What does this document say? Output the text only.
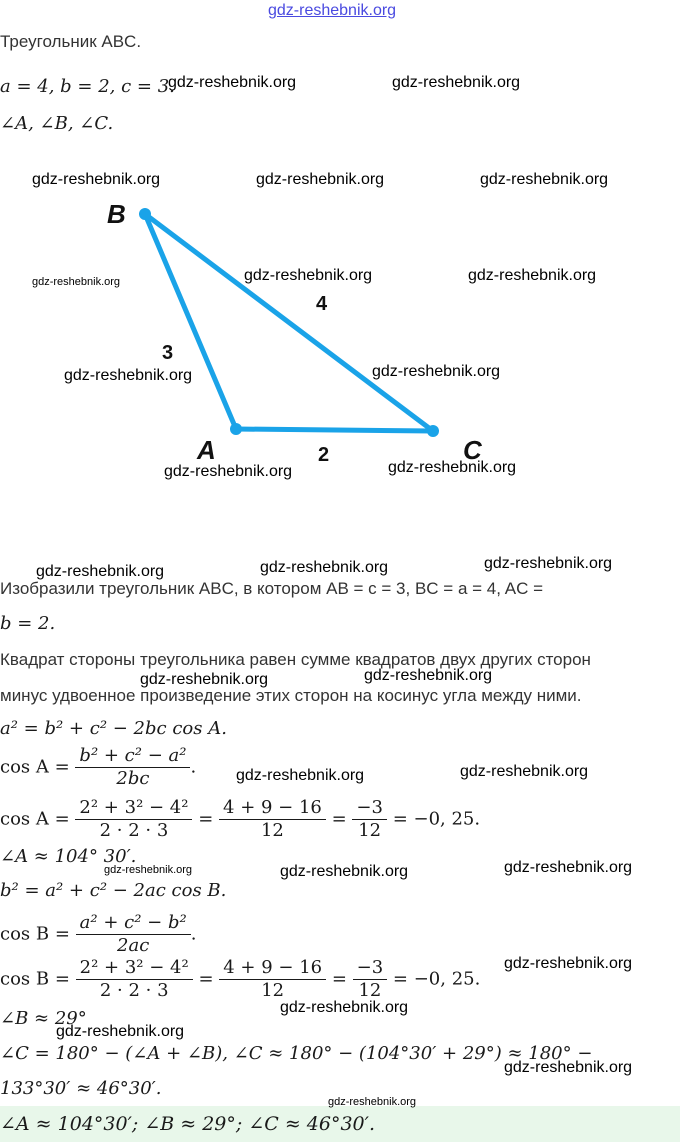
gdz-reshebnik.org
Треугольник ABC.
a = 4, b = 2, c = 3.
∠A, ∠B, ∠C.
B
A	C
3
4
2
Изобразили треугольник ABC, в котором AB = c = 3, BC = a = 4, AC =
b = 2.
Квадрат стороны треугольника равен сумме квадратов двух других сторон
минус удвоенное произведение этих сторон на косинус угла между ними.
a² = b² + c² − 2bc cos A.
$\cos A = \frac{\text{b² + c² − a²}}{2bc}$ .
$\cos A = \frac{\text{2² + 3² − 4²}}{2 \cdot 2 \cdot 3} = \frac{4 + 9 - 16}{12} = \frac{-3}{12} = -0$, 25.
∠A ≈ 104° 30′.
b² = a² + c² − 2ac cos B.
$\cos B = \frac{\text{a² + c² − b²}}{2ac}$ .
$\cos B = \frac{\text{2² + 3² − 4²}}{2 \cdot 2 \cdot 3} = \frac{4 + 9 - 16}{12} = \frac{-3}{12} = -0$, 25.
∠B ≈ 29°
∠C = 180° − (∠A + ∠B), ∠C ≈ 180° − (104°30′ + 29°) ≈ 180° −
133°30′ ≈ 46°30′.
∠A ≈ 104°30′; ∠B ≈ 29°; ∠C ≈ 46°30′.
gdz-reshebnik.org	gdz-reshebnik.org
gdz-reshebnik.org	gdz-reshebnik.org	gdz-reshebnik.org
gdz-reshebnik.org	gdz-reshebnik.org	gdz-reshebnik.org
gdz-reshebnik.org	gdz-reshebnik.org
gdz-reshebnik.org	gdz-reshebnik.org
gdz-reshebnik.org	gdz-reshebnik.org	gdz-reshebnik.org
gdz-reshebnik.org	gdz-reshebnik.org
gdz-reshebnik.org	gdz-reshebnik.org
gdz-reshebnik.org	gdz-reshebnik.org	gdz-reshebnik.org
gdz-reshebnik.org
gdz-reshebnik.org
gdz-reshebnik.org
gdz-reshebnik.org
gdz-reshebnik.org
